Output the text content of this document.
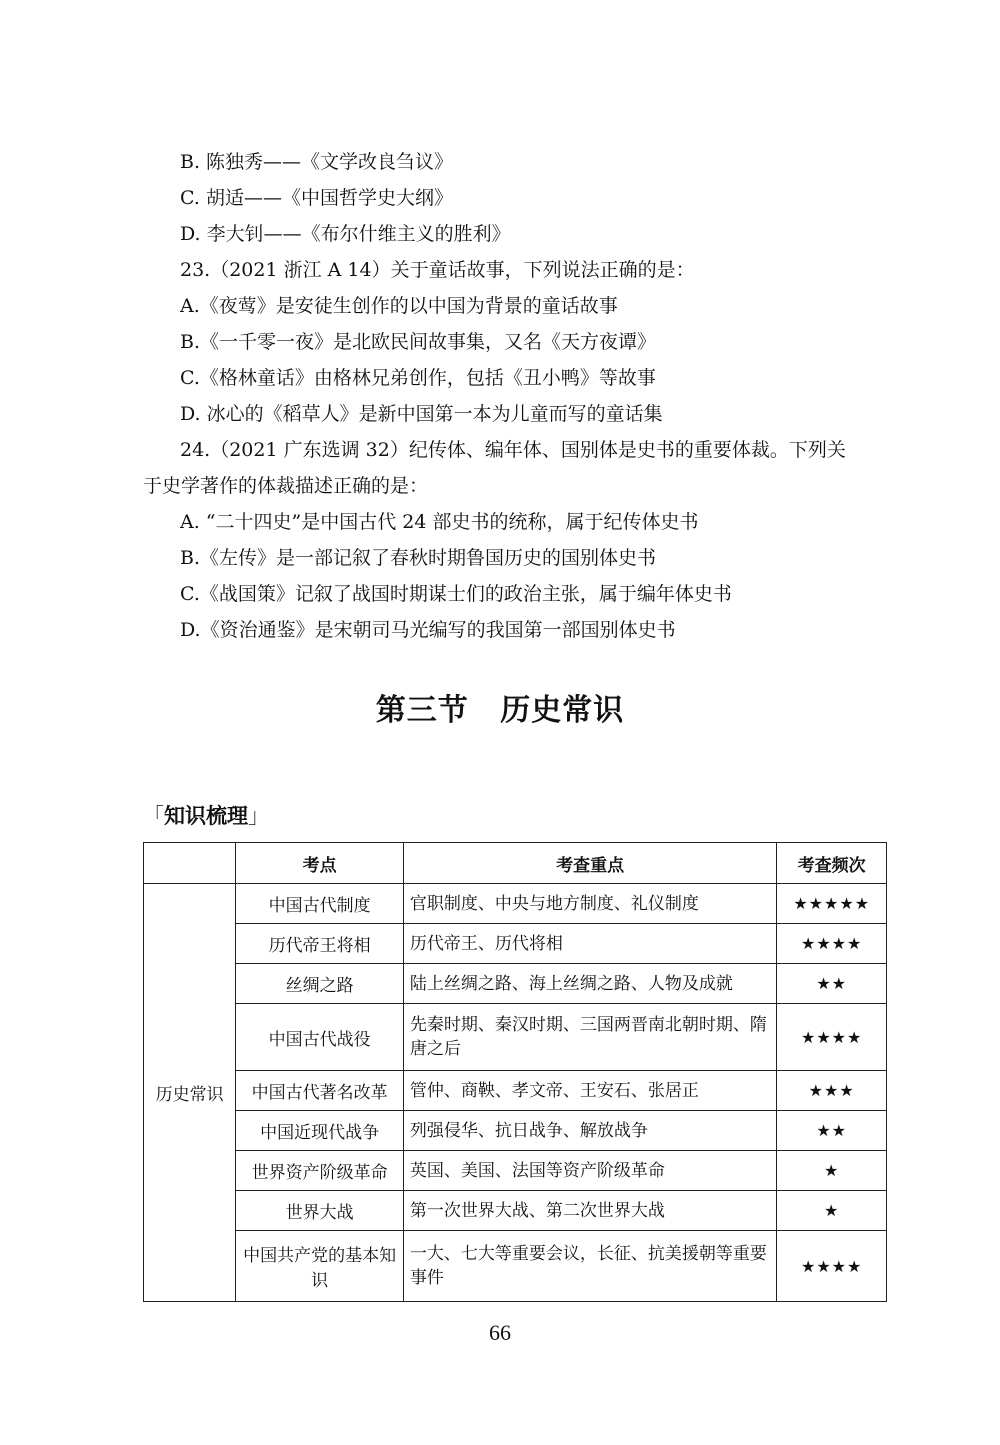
B. 陈独秀——《文学改良刍议》
C. 胡适——《中国哲学史大纲》
D. 李大钊——《布尔什维主义的胜利》
23.（2021 浙江 A 14）关于童话故事，下列说法正确的是：
A.《夜莺》是安徒生创作的以中国为背景的童话故事
B.《一千零一夜》是北欧民间故事集，又名《天方夜谭》
C.《格林童话》由格林兄弟创作，包括《丑小鸭》等故事
D. 冰心的《稻草人》是新中国第一本为儿童而写的童话集
24.（2021 广东选调 32）纪传体、编年体、国别体是史书的重要体裁。下列关
于史学著作的体裁描述正确的是：
A. “二十四史”是中国古代 24 部史书的统称，属于纪传体史书
B.《左传》是一部记叙了春秋时期鲁国历史的国别体史书
C.《战国策》记叙了战国时期谋士们的政治主张，属于编年体史书
D.《资治通鉴》是宋朝司马光编写的我国第一部国别体史书
第三节 历史常识
「知识梳理」
	考点	考查重点	考查频次
历史常识	中国古代制度	官职制度、中央与地方制度、礼仪制度	★★★★★
	历代帝王将相	历代帝王、历代将相	★★★★
	丝绸之路	陆上丝绸之路、海上丝绸之路、人物及成就	★★
	中国古代战役	先秦时期、秦汉时期、三国两晋南北朝时期、隋唐之后	★★★★
	中国古代著名改革	管仲、商鞅、孝文帝、王安石、张居正	★★★
	中国近现代战争	列强侵华、抗日战争、解放战争	★★
	世界资产阶级革命	英国、美国、法国等资产阶级革命	★
	世界大战	第一次世界大战、第二次世界大战	★
	中国共产党的基本知识	一大、七大等重要会议，长征、抗美援朝等重要事件	★★★★
66
